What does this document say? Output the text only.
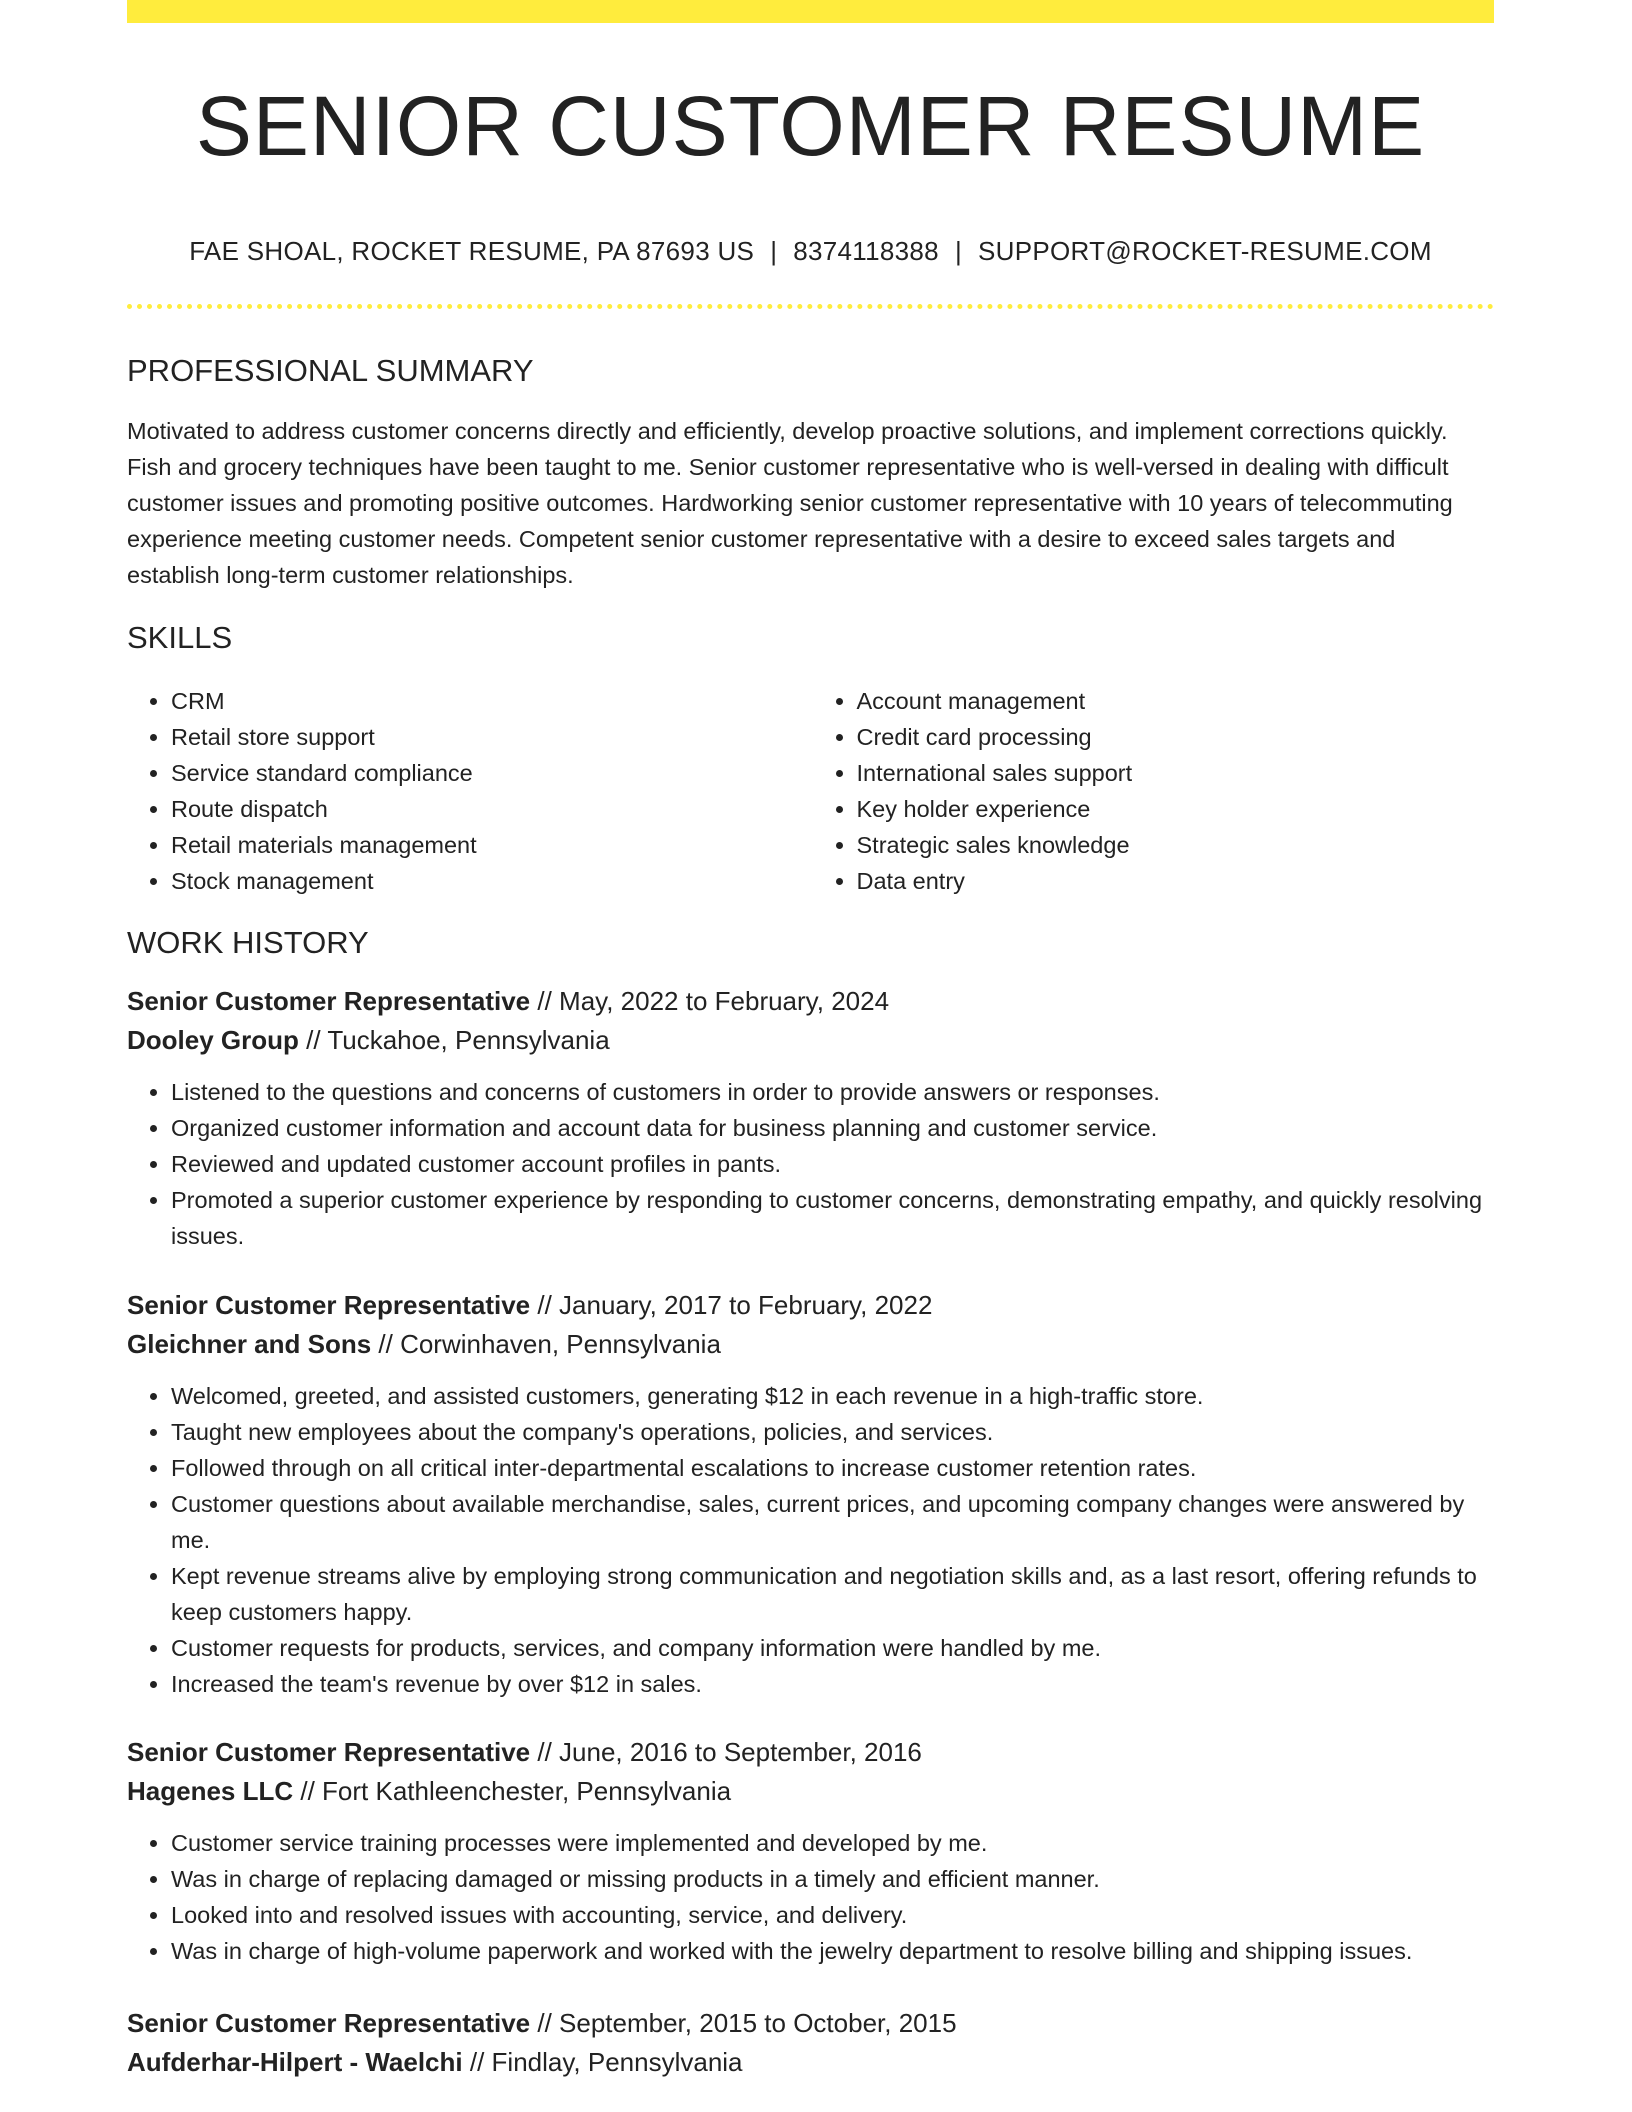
SENIOR CUSTOMER RESUME
FAE SHOAL, ROCKET RESUME, PA 87693 US | 8374118388 | SUPPORT@ROCKET-RESUME.COM
PROFESSIONAL SUMMARY

Motivated to address customer concerns directly and efficiently, develop proactive solutions, and implement corrections quickly. Fish and grocery techniques have been taught to me. Senior customer representative who is well-versed in dealing with difficult customer issues and promoting positive outcomes. Hardworking senior customer representative with 10 years of telecommuting experience meeting customer needs. Competent senior customer representative with a desire to exceed sales targets and establish long-term customer relationships.

SKILLS
• CRM
• Retail store support
• Service standard compliance
• Route dispatch
• Retail materials management
• Stock management
• Account management
• Credit card processing
• International sales support
• Key holder experience
• Strategic sales knowledge
• Data entry
WORK HISTORY
Senior Customer Representative // May, 2022 to February, 2024
Dooley Group // Tuckahoe, Pennsylvania
• Listened to the questions and concerns of customers in order to provide answers or responses.
• Organized customer information and account data for business planning and customer service.
• Reviewed and updated customer account profiles in pants.
• Promoted a superior customer experience by responding to customer concerns, demonstrating empathy, and quickly resolving issues.
Senior Customer Representative // January, 2017 to February, 2022
Gleichner and Sons // Corwinhaven, Pennsylvania
• Welcomed, greeted, and assisted customers, generating $12 in each revenue in a high-traffic store.
• Taught new employees about the company's operations, policies, and services.
• Followed through on all critical inter-departmental escalations to increase customer retention rates.
• Customer questions about available merchandise, sales, current prices, and upcoming company changes were answered by me.
• Kept revenue streams alive by employing strong communication and negotiation skills and, as a last resort, offering refunds to keep customers happy.
• Customer requests for products, services, and company information were handled by me.
• Increased the team's revenue by over $12 in sales.
Senior Customer Representative // June, 2016 to September, 2016
Hagenes LLC // Fort Kathleenchester, Pennsylvania
• Customer service training processes were implemented and developed by me.
• Was in charge of replacing damaged or missing products in a timely and efficient manner.
• Looked into and resolved issues with accounting, service, and delivery.
• Was in charge of high-volume paperwork and worked with the jewelry department to resolve billing and shipping issues.
Senior Customer Representative // September, 2015 to October, 2015
Aufderhar-Hilpert - Waelchi // Findlay, Pennsylvania
